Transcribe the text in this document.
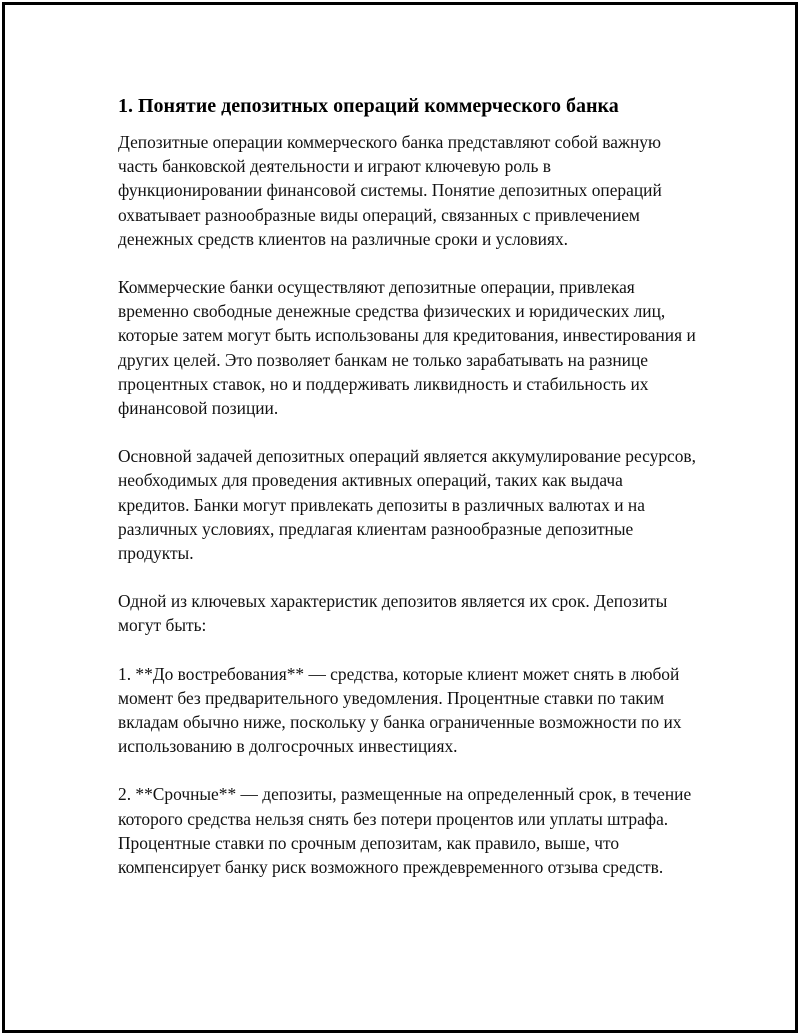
1. Понятие депозитных операций коммерческого банка

Депозитные операции коммерческого банка представляют собой важную часть банковской деятельности и играют ключевую роль в функционировании финансовой системы. Понятие депозитных операций охватывает разнообразные виды операций, связанных с привлечением денежных средств клиентов на различные сроки и условиях.

Коммерческие банки осуществляют депозитные операции, привлекая временно свободные денежные средства физических и юридических лиц, которые затем могут быть использованы для кредитования, инвестирования и других целей. Это позволяет банкам не только зарабатывать на разнице процентных ставок, но и поддерживать ликвидность и стабильность их финансовой позиции.

Основной задачей депозитных операций является аккумулирование ресурсов, необходимых для проведения активных операций, таких как выдача кредитов. Банки могут привлекать депозиты в различных валютах и на различных условиях, предлагая клиентам разнообразные депозитные продукты.

Одной из ключевых характеристик депозитов является их срок. Депозиты могут быть:

1. **До востребования** — средства, которые клиент может снять в любой момент без предварительного уведомления. Процентные ставки по таким вкладам обычно ниже, поскольку у банка ограниченные возможности по их использованию в долгосрочных инвестициях.

2. **Срочные** — депозиты, размещенные на определенный срок, в течение которого средства нельзя снять без потери процентов или уплаты штрафа. Процентные ставки по срочным депозитам, как правило, выше, что компенсирует банку риск возможного преждевременного отзыва средств.
